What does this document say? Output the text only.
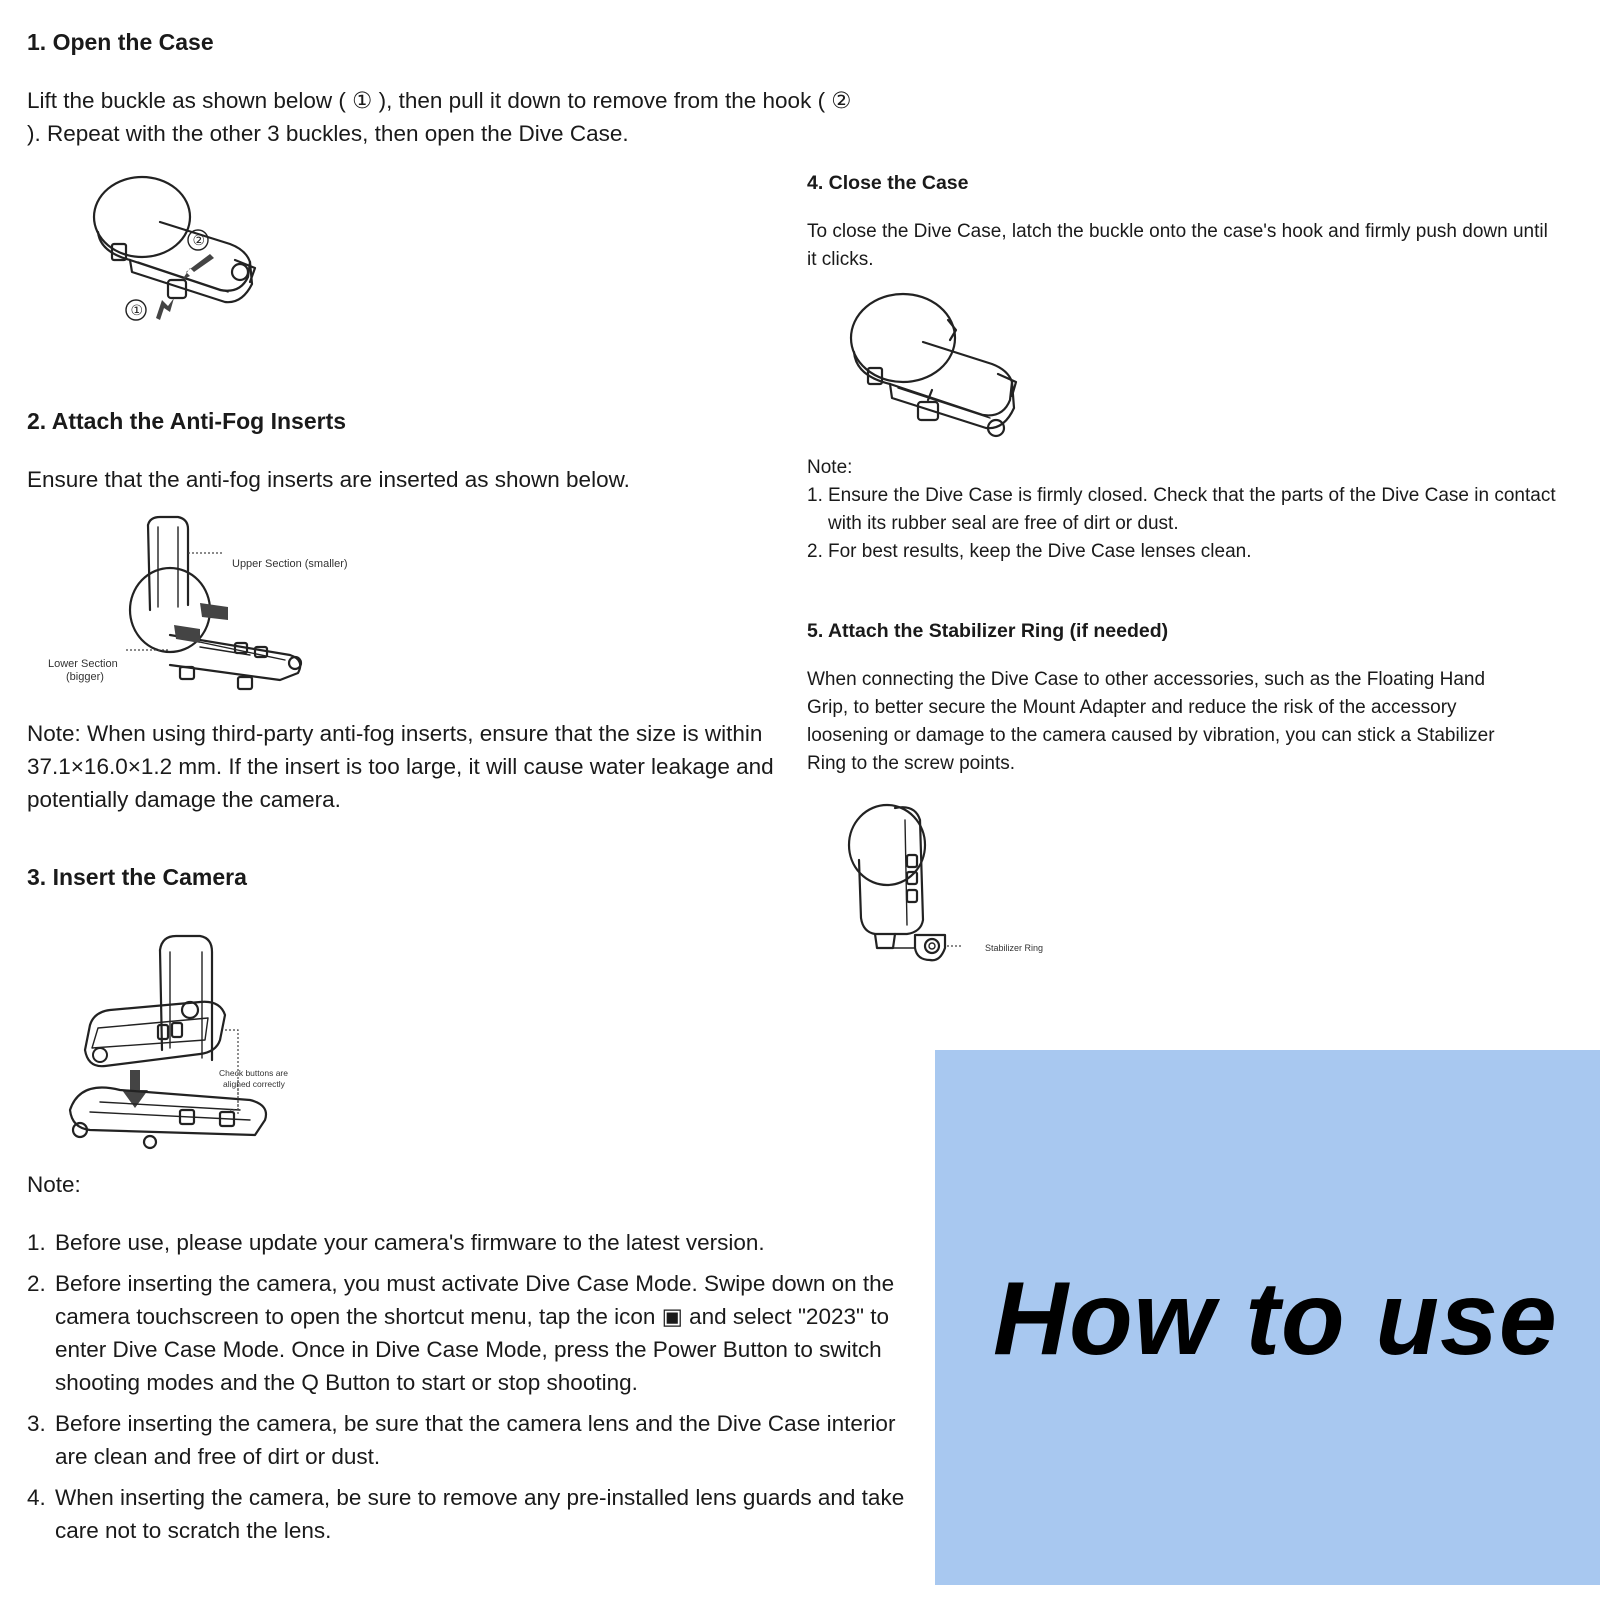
1. Open the Case

Lift the buckle as shown below ( ① ), then pull it down to remove from the hook ( ②

). Repeat with the other 3 buckles, then open the Dive Case.

②
①
2. Attach the Anti-Fog Inserts

Ensure that the anti-fog inserts are inserted as shown below.

Upper Section (smaller)
Lower Section
(bigger)

Note: When using third-party anti-fog inserts, ensure that the size is within

37.1×16.0×1.2 mm. If the insert is too large, it will cause water leakage and

potentially damage the camera.

3. Insert the Camera
Check buttons are
aligned correctly

Note:

1. Before use, please update your camera's firmware to the latest version.
2. Before inserting the camera, you must activate Dive Case Mode. Swipe down on the
camera touchscreen to open the shortcut menu, tap the icon ▣ and select "2023" to
enter Dive Case Mode. Once in Dive Case Mode, press the Power Button to switch
shooting modes and the Q Button to start or stop shooting.
3. Before inserting the camera, be sure that the camera lens and the Dive Case interior
are clean and free of dirt or dust.
4. When inserting the camera, be sure to remove any pre-installed lens guards and take
care not to scratch the lens.
4. Close the Case

To close the Dive Case, latch the buckle onto the case's hook and firmly push down until

it clicks.

Note:

1. Ensure the Dive Case is firmly closed. Check that the parts of the Dive Case in contact
with its rubber seal are free of dirt or dust.
2. For best results, keep the Dive Case lenses clean.
5. Attach the Stabilizer Ring (if needed)
When connecting the Dive Case to other accessories, such as the Floating Hand
Grip, to better secure the Mount Adapter and reduce the risk of the accessory
loosening or damage to the camera caused by vibration, you can stick a Stabilizer
Ring to the screw points.
Stabilizer Ring
How to use
